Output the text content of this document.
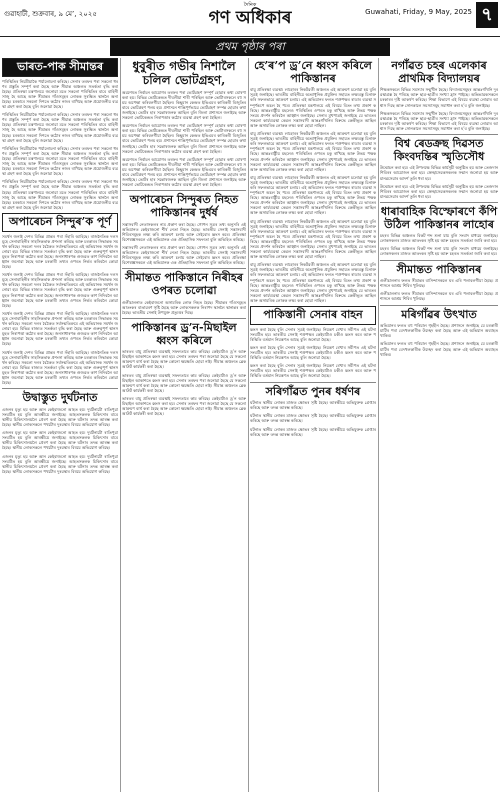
গুৱাহাটী, শুক্ৰবাৰ, ৯ মে’, ২০২৫
দৈনিক
গণ অধিকাৰ	Guwahati, Friday, 9 May, 2025 ৭
প্ৰথম পৃষ্ঠাৰ পৰা
ভাৰত-পাক সীমান্তৰ

পৰিস্থিতিৰ নিয়মীয়াকৈ পৰ্যালোচনা কৰিছে। সেনাৰ তৰফৰ পৰা সকলো ধৰণৰ প্ৰস্তুতি সম্পূৰ্ণ কৰা হৈছে আৰু সীমান্ত অঞ্চলত সতৰ্কতা বৃদ্ধি কৰা হৈছে। প্ৰতিৰক্ষা মন্ত্ৰণালয়ে জনোৱা মতে সকলো পৰিস্থিতিৰ বাবে বাহিনী সাজু হৈ আছে আৰু সীমান্তৰ গাঁওসমূহৰ লোকক সুৰক্ষিত স্থানলৈ অনা হৈছে। চৰকাৰে সকলো দিশতে কঠোৰ নজৰ ৰাখিছে আৰু প্ৰয়োজনীয় ব্যৱস্থা গ্ৰহণ কৰা হৈছে বুলি জনোৱা হৈছে।

পৰিস্থিতিৰ নিয়মীয়াকৈ পৰ্যালোচনা কৰিছে। সেনাৰ তৰফৰ পৰা সকলো ধৰণৰ প্ৰস্তুতি সম্পূৰ্ণ কৰা হৈছে আৰু সীমান্ত অঞ্চলত সতৰ্কতা বৃদ্ধি কৰা হৈছে। প্ৰতিৰক্ষা মন্ত্ৰণালয়ে জনোৱা মতে সকলো পৰিস্থিতিৰ বাবে বাহিনী সাজু হৈ আছে আৰু সীমান্তৰ গাঁওসমূহৰ লোকক সুৰক্ষিত স্থানলৈ অনা হৈছে। চৰকাৰে সকলো দিশতে কঠোৰ নজৰ ৰাখিছে আৰু প্ৰয়োজনীয় ব্যৱস্থা গ্ৰহণ কৰা হৈছে বুলি জনোৱা হৈছে।

পৰিস্থিতিৰ নিয়মীয়াকৈ পৰ্যালোচনা কৰিছে। সেনাৰ তৰফৰ পৰা সকলো ধৰণৰ প্ৰস্তুতি সম্পূৰ্ণ কৰা হৈছে আৰু সীমান্ত অঞ্চলত সতৰ্কতা বৃদ্ধি কৰা হৈছে। প্ৰতিৰক্ষা মন্ত্ৰণালয়ে জনোৱা মতে সকলো পৰিস্থিতিৰ বাবে বাহিনী সাজু হৈ আছে আৰু সীমান্তৰ গাঁওসমূহৰ লোকক সুৰক্ষিত স্থানলৈ অনা হৈছে। চৰকাৰে সকলো দিশতে কঠোৰ নজৰ ৰাখিছে আৰু প্ৰয়োজনীয় ব্যৱস্থা গ্ৰহণ কৰা হৈছে বুলি জনোৱা হৈছে।

পৰিস্থিতিৰ নিয়মীয়াকৈ পৰ্যালোচনা কৰিছে। সেনাৰ তৰফৰ পৰা সকলো ধৰণৰ প্ৰস্তুতি সম্পূৰ্ণ কৰা হৈছে আৰু সীমান্ত অঞ্চলত সতৰ্কতা বৃদ্ধি কৰা হৈছে। প্ৰতিৰক্ষা মন্ত্ৰণালয়ে জনোৱা মতে সকলো পৰিস্থিতিৰ বাবে বাহিনী সাজু হৈ আছে আৰু সীমান্তৰ গাঁওসমূহৰ লোকক সুৰক্ষিত স্থানলৈ অনা হৈছে। চৰকাৰে সকলো দিশতে কঠোৰ নজৰ ৰাখিছে আৰু প্ৰয়োজনীয় ব্যৱস্থা গ্ৰহণ কৰা হৈছে বুলি জনোৱা হৈছে।

অপাৰেচন সিন্দুৰ’ক পূৰ্ণ

সমৰ্থন জনাই দেশৰ বিভিন্ন প্ৰান্তৰ পৰা সঁহাৰি আহিছে। ৰাজনৈতিক দলসমূহে সেনাবাহিনীৰ সাহসিকতাক প্ৰশংসা কৰিছে আৰু চৰকাৰৰ সিদ্ধান্তক সমৰ্থন কৰিছে। সকলো দলৰ বৈঠকত সৰ্বসন্মতিক্ৰমে এই অভিযানক সমৰ্থন জনোৱা হয়। বিভিন্ন ৰাজ্যত সতৰ্কতা বৃদ্ধি কৰা হৈছে আৰু গুৰুত্বপূৰ্ণ স্থানসমূহত নিৰাপত্তা কঠোৰ কৰা হৈছে। জনসাধাৰণক গুজৱত কাণ নিদিবলৈ আহ্বান জনোৱা হৈছে আৰু চৰকাৰী তথ্যৰ ওপৰত নিৰ্ভৰ কৰিবলৈ কোৱা হৈছে।

সমৰ্থন জনাই দেশৰ বিভিন্ন প্ৰান্তৰ পৰা সঁহাৰি আহিছে। ৰাজনৈতিক দলসমূহে সেনাবাহিনীৰ সাহসিকতাক প্ৰশংসা কৰিছে আৰু চৰকাৰৰ সিদ্ধান্তক সমৰ্থন কৰিছে। সকলো দলৰ বৈঠকত সৰ্বসন্মতিক্ৰমে এই অভিযানক সমৰ্থন জনোৱা হয়। বিভিন্ন ৰাজ্যত সতৰ্কতা বৃদ্ধি কৰা হৈছে আৰু গুৰুত্বপূৰ্ণ স্থানসমূহত নিৰাপত্তা কঠোৰ কৰা হৈছে। জনসাধাৰণক গুজৱত কাণ নিদিবলৈ আহ্বান জনোৱা হৈছে আৰু চৰকাৰী তথ্যৰ ওপৰত নিৰ্ভৰ কৰিবলৈ কোৱা হৈছে।

সমৰ্থন জনাই দেশৰ বিভিন্ন প্ৰান্তৰ পৰা সঁহাৰি আহিছে। ৰাজনৈতিক দলসমূহে সেনাবাহিনীৰ সাহসিকতাক প্ৰশংসা কৰিছে আৰু চৰকাৰৰ সিদ্ধান্তক সমৰ্থন কৰিছে। সকলো দলৰ বৈঠকত সৰ্বসন্মতিক্ৰমে এই অভিযানক সমৰ্থন জনোৱা হয়। বিভিন্ন ৰাজ্যত সতৰ্কতা বৃদ্ধি কৰা হৈছে আৰু গুৰুত্বপূৰ্ণ স্থানসমূহত নিৰাপত্তা কঠোৰ কৰা হৈছে। জনসাধাৰণক গুজৱত কাণ নিদিবলৈ আহ্বান জনোৱা হৈছে আৰু চৰকাৰী তথ্যৰ ওপৰত নিৰ্ভৰ কৰিবলৈ কোৱা হৈছে।

সমৰ্থন জনাই দেশৰ বিভিন্ন প্ৰান্তৰ পৰা সঁহাৰি আহিছে। ৰাজনৈতিক দলসমূহে সেনাবাহিনীৰ সাহসিকতাক প্ৰশংসা কৰিছে আৰু চৰকাৰৰ সিদ্ধান্তক সমৰ্থন কৰিছে। সকলো দলৰ বৈঠকত সৰ্বসন্মতিক্ৰমে এই অভিযানক সমৰ্থন জনোৱা হয়। বিভিন্ন ৰাজ্যত সতৰ্কতা বৃদ্ধি কৰা হৈছে আৰু গুৰুত্বপূৰ্ণ স্থানসমূহত নিৰাপত্তা কঠোৰ কৰা হৈছে। জনসাধাৰণক গুজৱত কাণ নিদিবলৈ আহ্বান জনোৱা হৈছে আৰু চৰকাৰী তথ্যৰ ওপৰত নিৰ্ভৰ কৰিবলৈ কোৱা হৈছে।

উদ্বাস্তুত দুর্ঘটনাত

এজনৰ মৃত্যু হয় আৰু আন কেইবাজনো আহত হয়। দুৰ্ঘটনাটো ৰাতিপুৱা সংঘটিত হয় বুলি আৰক্ষীয়ে জনাইছে। আহতসকলক চিকিৎসাৰ বাবে স্থানীয় চিকিৎসালয়লৈ প্ৰেৰণ কৰা হৈছে আৰু ঘটনাৰ তদন্ত আৰম্ভ কৰা হৈছে। স্থানীয় লোকসকলে পথটোৰ দুৰৱস্থাৰ বিষয়ে অভিযোগ কৰিছে।

এজনৰ মৃত্যু হয় আৰু আন কেইবাজনো আহত হয়। দুৰ্ঘটনাটো ৰাতিপুৱা সংঘটিত হয় বুলি আৰক্ষীয়ে জনাইছে। আহতসকলক চিকিৎসাৰ বাবে স্থানীয় চিকিৎসালয়লৈ প্ৰেৰণ কৰা হৈছে আৰু ঘটনাৰ তদন্ত আৰম্ভ কৰা হৈছে। স্থানীয় লোকসকলে পথটোৰ দুৰৱস্থাৰ বিষয়ে অভিযোগ কৰিছে।

এজনৰ মৃত্যু হয় আৰু আন কেইবাজনো আহত হয়। দুৰ্ঘটনাটো ৰাতিপুৱা সংঘটিত হয় বুলি আৰক্ষীয়ে জনাইছে। আহতসকলক চিকিৎসাৰ বাবে স্থানীয় চিকিৎসালয়লৈ প্ৰেৰণ কৰা হৈছে আৰু ঘটনাৰ তদন্ত আৰম্ভ কৰা হৈছে। স্থানীয় লোকসকলে পথটোৰ দুৰৱস্থাৰ বিষয়ে অভিযোগ কৰিছে।

ধুবুৰীত গভীৰ নিশালৈ চলিল ভোটগ্ৰহণ,

অৱশেষত নিৰ্বাচন আয়োগৰ তৰফৰ পৰা ভোটগ্ৰহণ সম্পূৰ্ণ হোৱাৰ কথা ঘোষণা কৰা হয়। বিভিন্ন ভোটকেন্দ্ৰত দীঘলীয়া শাৰী পৰিছিল আৰু ভোটাৰসকলে বহু সময় অপেক্ষা কৰিবলগীয়া হৈছিল। কিছুমান কেন্দ্ৰত ইভিএমৰ কাৰিকৰী বিজুতিৰ বাবে ভোটগ্ৰহণ পলম হয়। প্ৰশাসনে শান্তিপূৰ্ণভাৱে ভোটগ্ৰহণ সম্পন্ন হোৱাৰ কথা জনাইছে। ভোটৰ হাৰ সন্তোষজনক আছিল বুলি জিলা প্ৰশাসনে জনাইছে আৰু সকলো ভোটকেন্দ্ৰত নিৰাপত্তাৰ কঠোৰ ব্যৱস্থা গ্ৰহণ কৰা হৈছিল।

অৱশেষত নিৰ্বাচন আয়োগৰ তৰফৰ পৰা ভোটগ্ৰহণ সম্পূৰ্ণ হোৱাৰ কথা ঘোষণা কৰা হয়। বিভিন্ন ভোটকেন্দ্ৰত দীঘলীয়া শাৰী পৰিছিল আৰু ভোটাৰসকলে বহু সময় অপেক্ষা কৰিবলগীয়া হৈছিল। কিছুমান কেন্দ্ৰত ইভিএমৰ কাৰিকৰী বিজুতিৰ বাবে ভোটগ্ৰহণ পলম হয়। প্ৰশাসনে শান্তিপূৰ্ণভাৱে ভোটগ্ৰহণ সম্পন্ন হোৱাৰ কথা জনাইছে। ভোটৰ হাৰ সন্তোষজনক আছিল বুলি জিলা প্ৰশাসনে জনাইছে আৰু সকলো ভোটকেন্দ্ৰত নিৰাপত্তাৰ কঠোৰ ব্যৱস্থা গ্ৰহণ কৰা হৈছিল।

অৱশেষত নিৰ্বাচন আয়োগৰ তৰফৰ পৰা ভোটগ্ৰহণ সম্পূৰ্ণ হোৱাৰ কথা ঘোষণা কৰা হয়। বিভিন্ন ভোটকেন্দ্ৰত দীঘলীয়া শাৰী পৰিছিল আৰু ভোটাৰসকলে বহু সময় অপেক্ষা কৰিবলগীয়া হৈছিল। কিছুমান কেন্দ্ৰত ইভিএমৰ কাৰিকৰী বিজুতিৰ বাবে ভোটগ্ৰহণ পলম হয়। প্ৰশাসনে শান্তিপূৰ্ণভাৱে ভোটগ্ৰহণ সম্পন্ন হোৱাৰ কথা জনাইছে। ভোটৰ হাৰ সন্তোষজনক আছিল বুলি জিলা প্ৰশাসনে জনাইছে আৰু সকলো ভোটকেন্দ্ৰত নিৰাপত্তাৰ কঠোৰ ব্যৱস্থা গ্ৰহণ কৰা হৈছিল।

অপাৰেচন সিন্দুৰত নিহত পাকিস্তানৰ দুৰ্ধৰ্ষ

সন্ত্ৰাসবাদী নেতাসকলৰ নাম প্ৰকাশ কৰা হৈছে। গোপন সূত্ৰৰ তথ্য অনুসৰি এই অভিযানত কেইবাজনো শীৰ্ষ নেতা নিহত হৈছে। ভাৰতীয় সেনাই সন্ত্ৰাসবাদী শিবিৰসমূহক লক্ষ্য কৰি আক্ৰমণ চলায় আৰু সেইবোৰ ধ্বংস কৰে। প্ৰতিৰক্ষা বিশেষজ্ঞসকলে এই অভিযানক এক ঐতিহাসিক সফলতা বুলি অভিহিত কৰিছে।

সন্ত্ৰাসবাদী নেতাসকলৰ নাম প্ৰকাশ কৰা হৈছে। গোপন সূত্ৰৰ তথ্য অনুসৰি এই অভিযানত কেইবাজনো শীৰ্ষ নেতা নিহত হৈছে। ভাৰতীয় সেনাই সন্ত্ৰাসবাদী শিবিৰসমূহক লক্ষ্য কৰি আক্ৰমণ চলায় আৰু সেইবোৰ ধ্বংস কৰে। প্ৰতিৰক্ষা বিশেষজ্ঞসকলে এই অভিযানক এক ঐতিহাসিক সফলতা বুলি অভিহিত কৰিছে।

সীমান্তত পাকিস্তানে নিৰীহৰ ওপৰত চলোৱা

গুলীচালনাত কেইবাজনো অসামৰিক লোক নিহত হৈছে। সীমান্তৰ গাঁওসমূহত আতংকৰ বাতাৱৰণ সৃষ্টি হৈছে আৰু লোকসকলক নিৰাপদ স্থানলৈ স্থানান্তৰ কৰা হৈছে। ভাৰতীয় সেনাই উপযুক্ত প্ৰত্যুত্তৰ দিছে।

পাকিস্তানৰ ড্ৰ’ন-মিছাইল ধ্বংস কৰিলে

ভাৰতৰ বায়ু প্ৰতিৰক্ষা ব্যৱস্থাই সফলতাৰে কাম কৰিছে। কেইবাটাও ড্ৰ’ন আৰু মিছাইল আকাশতে ধ্বংস কৰা হয়। সেনাৰ তৰফৰ পৰা জনোৱা হৈছে যে সকলো আক্ৰমণ ব্যৰ্থ কৰা হৈছে আৰু কোনো ক্ষয়ক্ষতি হোৱা নাই। সীমান্ত অঞ্চলত ব্লেকআউট কাৰ্যকৰী কৰা হৈছে।

ভাৰতৰ বায়ু প্ৰতিৰক্ষা ব্যৱস্থাই সফলতাৰে কাম কৰিছে। কেইবাটাও ড্ৰ’ন আৰু মিছাইল আকাশতে ধ্বংস কৰা হয়। সেনাৰ তৰফৰ পৰা জনোৱা হৈছে যে সকলো আক্ৰমণ ব্যৰ্থ কৰা হৈছে আৰু কোনো ক্ষয়ক্ষতি হোৱা নাই। সীমান্ত অঞ্চলত ব্লেকআউট কাৰ্যকৰী কৰা হৈছে।

ভাৰতৰ বায়ু প্ৰতিৰক্ষা ব্যৱস্থাই সফলতাৰে কাম কৰিছে। কেইবাটাও ড্ৰ’ন আৰু মিছাইল আকাশতে ধ্বংস কৰা হয়। সেনাৰ তৰফৰ পৰা জনোৱা হৈছে যে সকলো আক্ৰমণ ব্যৰ্থ কৰা হৈছে আৰু কোনো ক্ষয়ক্ষতি হোৱা নাই। সীমান্ত অঞ্চলত ব্লেকআউট কাৰ্যকৰী কৰা হৈছে।

হে’ৰ’প ড্ৰ’নে ধ্বংস কৰিলে পাকিস্তানৰ

বায়ু প্ৰতিৰক্ষা ব্যৱস্থা। লাহোৰৰ নিকটৱৰ্তী অঞ্চলত এই আক্ৰমণ চলোৱা হয় বুলি সূত্ৰই জনাইছে। ভাৰতীয় বাহিনীয়ে অত্যাধুনিক প্ৰযুক্তিৰ সহায়ত লক্ষ্যবস্তু চিনাক্ত কৰি সফলভাৱে আক্ৰমণ চলায়। এই অভিযানৰ ফলত শত্ৰুপক্ষৰ ৰাডাৰ ব্যৱস্থা সম্পূৰ্ণৰূপে অচল হৈ পৰে। প্ৰতিৰক্ষা মন্ত্ৰণালয়ে এই বিষয়ে বিতং তথ্য প্ৰকাশ কৰিছে। আন্তঃৰাষ্ট্ৰীয় মহলেও পৰিস্থিতিৰ ওপৰত চকু ৰাখিছে আৰু উভয় পক্ষক সংযম প্ৰদৰ্শন কৰিবলৈ আহ্বান জনাইছে। সেনাৰ মুখপাত্ৰই জনাইছে যে ভাৰতৰ সকলো কাৰ্যব্যৱস্থা কেৱল সন্ত্ৰাসবাদী আন্তঃগাঁথনিৰ বিৰুদ্ধে কেন্দ্ৰীভূত আছিল আৰু অসামৰিক লোকক লক্ষ্য কৰা হোৱা নাছিল।

বায়ু প্ৰতিৰক্ষা ব্যৱস্থা। লাহোৰৰ নিকটৱৰ্তী অঞ্চলত এই আক্ৰমণ চলোৱা হয় বুলি সূত্ৰই জনাইছে। ভাৰতীয় বাহিনীয়ে অত্যাধুনিক প্ৰযুক্তিৰ সহায়ত লক্ষ্যবস্তু চিনাক্ত কৰি সফলভাৱে আক্ৰমণ চলায়। এই অভিযানৰ ফলত শত্ৰুপক্ষৰ ৰাডাৰ ব্যৱস্থা সম্পূৰ্ণৰূপে অচল হৈ পৰে। প্ৰতিৰক্ষা মন্ত্ৰণালয়ে এই বিষয়ে বিতং তথ্য প্ৰকাশ কৰিছে। আন্তঃৰাষ্ট্ৰীয় মহলেও পৰিস্থিতিৰ ওপৰত চকু ৰাখিছে আৰু উভয় পক্ষক সংযম প্ৰদৰ্শন কৰিবলৈ আহ্বান জনাইছে। সেনাৰ মুখপাত্ৰই জনাইছে যে ভাৰতৰ সকলো কাৰ্যব্যৱস্থা কেৱল সন্ত্ৰাসবাদী আন্তঃগাঁথনিৰ বিৰুদ্ধে কেন্দ্ৰীভূত আছিল আৰু অসামৰিক লোকক লক্ষ্য কৰা হোৱা নাছিল।

বায়ু প্ৰতিৰক্ষা ব্যৱস্থা। লাহোৰৰ নিকটৱৰ্তী অঞ্চলত এই আক্ৰমণ চলোৱা হয় বুলি সূত্ৰই জনাইছে। ভাৰতীয় বাহিনীয়ে অত্যাধুনিক প্ৰযুক্তিৰ সহায়ত লক্ষ্যবস্তু চিনাক্ত কৰি সফলভাৱে আক্ৰমণ চলায়। এই অভিযানৰ ফলত শত্ৰুপক্ষৰ ৰাডাৰ ব্যৱস্থা সম্পূৰ্ণৰূপে অচল হৈ পৰে। প্ৰতিৰক্ষা মন্ত্ৰণালয়ে এই বিষয়ে বিতং তথ্য প্ৰকাশ কৰিছে। আন্তঃৰাষ্ট্ৰীয় মহলেও পৰিস্থিতিৰ ওপৰত চকু ৰাখিছে আৰু উভয় পক্ষক সংযম প্ৰদৰ্শন কৰিবলৈ আহ্বান জনাইছে। সেনাৰ মুখপাত্ৰই জনাইছে যে ভাৰতৰ সকলো কাৰ্যব্যৱস্থা কেৱল সন্ত্ৰাসবাদী আন্তঃগাঁথনিৰ বিৰুদ্ধে কেন্দ্ৰীভূত আছিল আৰু অসামৰিক লোকক লক্ষ্য কৰা হোৱা নাছিল।

বায়ু প্ৰতিৰক্ষা ব্যৱস্থা। লাহোৰৰ নিকটৱৰ্তী অঞ্চলত এই আক্ৰমণ চলোৱা হয় বুলি সূত্ৰই জনাইছে। ভাৰতীয় বাহিনীয়ে অত্যাধুনিক প্ৰযুক্তিৰ সহায়ত লক্ষ্যবস্তু চিনাক্ত কৰি সফলভাৱে আক্ৰমণ চলায়। এই অভিযানৰ ফলত শত্ৰুপক্ষৰ ৰাডাৰ ব্যৱস্থা সম্পূৰ্ণৰূপে অচল হৈ পৰে। প্ৰতিৰক্ষা মন্ত্ৰণালয়ে এই বিষয়ে বিতং তথ্য প্ৰকাশ কৰিছে। আন্তঃৰাষ্ট্ৰীয় মহলেও পৰিস্থিতিৰ ওপৰত চকু ৰাখিছে আৰু উভয় পক্ষক সংযম প্ৰদৰ্শন কৰিবলৈ আহ্বান জনাইছে। সেনাৰ মুখপাত্ৰই জনাইছে যে ভাৰতৰ সকলো কাৰ্যব্যৱস্থা কেৱল সন্ত্ৰাসবাদী আন্তঃগাঁথনিৰ বিৰুদ্ধে কেন্দ্ৰীভূত আছিল আৰু অসামৰিক লোকক লক্ষ্য কৰা হোৱা নাছিল।

বায়ু প্ৰতিৰক্ষা ব্যৱস্থা। লাহোৰৰ নিকটৱৰ্তী অঞ্চলত এই আক্ৰমণ চলোৱা হয় বুলি সূত্ৰই জনাইছে। ভাৰতীয় বাহিনীয়ে অত্যাধুনিক প্ৰযুক্তিৰ সহায়ত লক্ষ্যবস্তু চিনাক্ত কৰি সফলভাৱে আক্ৰমণ চলায়। এই অভিযানৰ ফলত শত্ৰুপক্ষৰ ৰাডাৰ ব্যৱস্থা সম্পূৰ্ণৰূপে অচল হৈ পৰে। প্ৰতিৰক্ষা মন্ত্ৰণালয়ে এই বিষয়ে বিতং তথ্য প্ৰকাশ কৰিছে। আন্তঃৰাষ্ট্ৰীয় মহলেও পৰিস্থিতিৰ ওপৰত চকু ৰাখিছে আৰু উভয় পক্ষক সংযম প্ৰদৰ্শন কৰিবলৈ আহ্বান জনাইছে। সেনাৰ মুখপাত্ৰই জনাইছে যে ভাৰতৰ সকলো কাৰ্যব্যৱস্থা কেৱল সন্ত্ৰাসবাদী আন্তঃগাঁথনিৰ বিৰুদ্ধে কেন্দ্ৰীভূত আছিল আৰু অসামৰিক লোকক লক্ষ্য কৰা হোৱা নাছিল।

পাকিস্তানী সেনাৰ বাহন

ধ্বংস কৰা হৈছে বুলি সেনাৰ সূত্ৰই জনাইছে। নিয়ন্ত্ৰণ ৰেখাৰ সমীপত এই ঘটনা সংঘটিত হয়। ভাৰতীয় সেনাই শত্ৰুপক্ষৰ কেইবাটাও চকীও ধ্বংস কৰে আৰু পৰিস্থিতি বৰ্তমান নিয়ন্ত্ৰণত আছে বুলি জনোৱা হৈছে।

ধ্বংস কৰা হৈছে বুলি সেনাৰ সূত্ৰই জনাইছে। নিয়ন্ত্ৰণ ৰেখাৰ সমীপত এই ঘটনা সংঘটিত হয়। ভাৰতীয় সেনাই শত্ৰুপক্ষৰ কেইবাটাও চকীও ধ্বংস কৰে আৰু পৰিস্থিতি বৰ্তমান নিয়ন্ত্ৰণত আছে বুলি জনোৱা হৈছে।

ধ্বংস কৰা হৈছে বুলি সেনাৰ সূত্ৰই জনাইছে। নিয়ন্ত্ৰণ ৰেখাৰ সমীপত এই ঘটনা সংঘটিত হয়। ভাৰতীয় সেনাই শত্ৰুপক্ষৰ কেইবাটাও চকীও ধ্বংস কৰে আৰু পৰিস্থিতি বৰ্তমান নিয়ন্ত্ৰণত আছে বুলি জনোৱা হৈছে।

সৰিগাঁৱত পুনৰ ধৰ্ষণৰ

ঘটনাত স্থানীয় লোকৰ মাজত ক্ষোভৰ সৃষ্টি হৈছে। আৰক্ষীয়ে অভিযুক্তক গ্ৰেপ্তাৰ কৰিছে আৰু তদন্ত আৰম্ভ কৰিছে।

ঘটনাত স্থানীয় লোকৰ মাজত ক্ষোভৰ সৃষ্টি হৈছে। আৰক্ষীয়ে অভিযুক্তক গ্ৰেপ্তাৰ কৰিছে আৰু তদন্ত আৰম্ভ কৰিছে।

ঘটনাত স্থানীয় লোকৰ মাজত ক্ষোভৰ সৃষ্টি হৈছে। আৰক্ষীয়ে অভিযুক্তক গ্ৰেপ্তাৰ কৰিছে আৰু তদন্ত আৰম্ভ কৰিছে।

নগাঁৱত চহৰ এলেকাৰ প্ৰাথমিক বিদ্যালয়ৰ

শিক্ষকসকলে বিভিন্ন সমস্যাৰ সন্মুখীন হৈছে। বিদ্যালয়সমূহৰ আন্তঃগাঁথনি দুৰৱস্থাগ্ৰস্ত হৈ পৰিছে আৰু ছাত্ৰ-ছাত্ৰীৰ সংখ্যা হ্ৰাস পাইছে। অভিভাৱকসকলে চৰকাৰৰ দৃষ্টি আকৰ্ষণ কৰিছে। শিক্ষা বিভাগে এই বিষয়ে ব্যৱস্থা লোৱাৰ আশ্বাস দিছে আৰু সোনকালে সমস্যাসমূহ সমাধান কৰা হ’ব বুলি জনাইছে।

শিক্ষকসকলে বিভিন্ন সমস্যাৰ সন্মুখীন হৈছে। বিদ্যালয়সমূহৰ আন্তঃগাঁথনি দুৰৱস্থাগ্ৰস্ত হৈ পৰিছে আৰু ছাত্ৰ-ছাত্ৰীৰ সংখ্যা হ্ৰাস পাইছে। অভিভাৱকসকলে চৰকাৰৰ দৃষ্টি আকৰ্ষণ কৰিছে। শিক্ষা বিভাগে এই বিষয়ে ব্যৱস্থা লোৱাৰ আশ্বাস দিছে আৰু সোনকালে সমস্যাসমূহ সমাধান কৰা হ’ব বুলি জনাইছে।

বিশ্ব ৰেডক্ৰছ দিৱসত কিংবদন্তিৰ স্মৃতিসৌধ

উন্মোচন কৰা হয়। এই উপলক্ষে বিভিন্ন কাৰ্যসূচী অনুষ্ঠিত হয় আৰু তেজদান শিবিৰৰ আয়োজন কৰা হয়। স্বেচ্ছাসেৱকসকলক সন্মান জনোৱা হয় আৰু মানৱসেৱাৰ আদৰ্শ তুলি ধৰা হয়।

উন্মোচন কৰা হয়। এই উপলক্ষে বিভিন্ন কাৰ্যসূচী অনুষ্ঠিত হয় আৰু তেজদান শিবিৰৰ আয়োজন কৰা হয়। স্বেচ্ছাসেৱকসকলক সন্মান জনোৱা হয় আৰু মানৱসেৱাৰ আদৰ্শ তুলি ধৰা হয়।

ধাৰাবাহিক বিস্ফোৰণে কঁপি উঠিল পাকিস্তানৰ লাহোৰ

চহৰৰ বিভিন্ন অঞ্চলত বিকট শব্দ শুনা যায় বুলি সংবাদ মাধ্যমে জনাইছে। লোকসকলৰ মাজত আতংকৰ সৃষ্টি হয় আৰু চহৰত সতৰ্কতা জাৰি কৰা হয়।

চহৰৰ বিভিন্ন অঞ্চলত বিকট শব্দ শুনা যায় বুলি সংবাদ মাধ্যমে জনাইছে। লোকসকলৰ মাজত আতংকৰ সৃষ্টি হয় আৰু চহৰত সতৰ্কতা জাৰি কৰা হয়।

সীমান্তত পাকিস্তানৰ

গুলীচালনাৰ ফলত সীমান্তৰ বাসিন্দাসকলে ঘৰ এৰি পলাবলগীয়া হৈছে। প্ৰশাসনে আশ্ৰয় শিবিৰ খুলিছে।

গুলীচালনাৰ ফলত সীমান্তৰ বাসিন্দাসকলে ঘৰ এৰি পলাবলগীয়া হৈছে। প্ৰশাসনে আশ্ৰয় শিবিৰ খুলিছে।

মৰিগাঁৱৰ উৎখাত

অভিযানৰ ফলত বহু পৰিয়াল গৃহহীন হৈছে। প্ৰশাসনে জনাইছে যে চৰকাৰী মাটিৰ পৰা বেদখলকাৰীক উচ্ছেদ কৰা হৈছে আৰু এই অভিযান অব্যাহত থাকিব।

অভিযানৰ ফলত বহু পৰিয়াল গৃহহীন হৈছে। প্ৰশাসনে জনাইছে যে চৰকাৰী মাটিৰ পৰা বেদখলকাৰীক উচ্ছেদ কৰা হৈছে আৰু এই অভিযান অব্যাহত থাকিব।
